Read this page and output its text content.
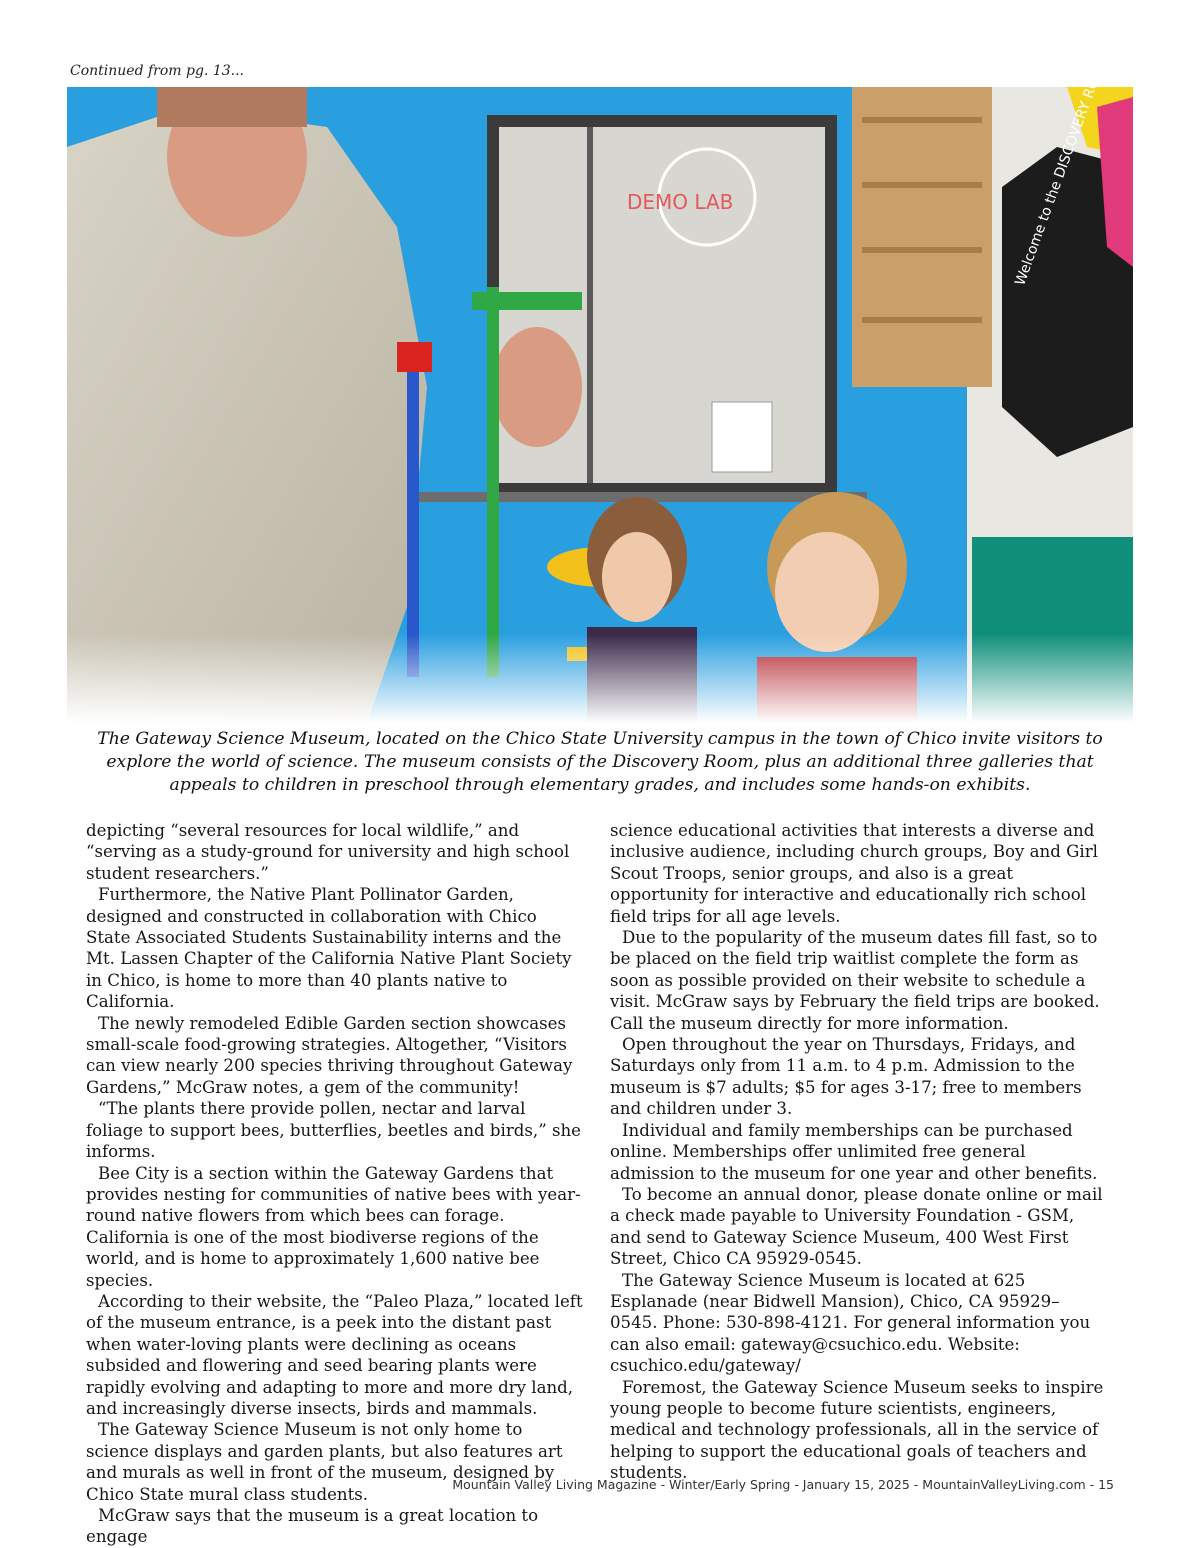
Continued from pg. 13...
The Gateway Science Museum, located on the Chico State University campus in the town of Chico invite visitors to explore the world of science. The museum consists of the Discovery Room, plus an additional three galleries that appeals to children in preschool through elementary grades, and includes some hands-on exhibits.

depicting “several resources for local wildlife,” and “serving as a study-ground for university and high school student researchers.”

Furthermore, the Native Plant Pollinator Garden, designed and constructed in collaboration with Chico State Associated Students Sustainability interns and the Mt. Lassen Chapter of the California Native Plant Society in Chico, is home to more than 40 plants native to California.

The newly remodeled Edible Garden section showcases small-scale food-growing strategies. Altogether, “Visitors can view nearly 200 species thriving throughout Gateway Gardens,” McGraw notes, a gem of the community!

“The plants there provide pollen, nectar and larval foliage to support bees, butterflies, beetles and birds,” she informs.

Bee City is a section within the Gateway Gardens that provides nesting for communities of native bees with year-round native flowers from which bees can forage. California is one of the most biodiverse regions of the world, and is home to approximately 1,600 native bee species.

According to their website, the “Paleo Plaza,” located left of the museum entrance, is a peek into the distant past when water-loving plants were declining as oceans subsided and flowering and seed bearing plants were rapidly evolving and adapting to more and more dry land, and increasingly diverse insects, birds and mammals.

The Gateway Science Museum is not only home to science displays and garden plants, but also features art and murals as well in front of the museum, designed by Chico State mural class students.

McGraw says that the museum is a great location to engage

science educational activities that interests a diverse and inclusive audience, including church groups, Boy and Girl Scout Troops, senior groups, and also is a great opportunity for interactive and educationally rich school field trips for all age levels.

Due to the popularity of the museum dates fill fast, so to be placed on the field trip waitlist complete the form as soon as possible provided on their website to schedule a visit. McGraw says by February the field trips are booked. Call the museum directly for more information.

Open throughout the year on Thursdays, Fridays, and Saturdays only from 11 a.m. to 4 p.m. Admission to the museum is $7 adults; $5 for ages 3-17; free to members and children under 3.

Individual and family memberships can be purchased online. Memberships offer unlimited free general admission to the museum for one year and other benefits.

To become an annual donor, please donate online or mail a check made payable to University Foundation - GSM, and send to Gateway Science Museum, 400 West First Street, Chico CA 95929-0545.

The Gateway Science Museum is located at 625 Esplanade (near Bidwell Mansion), Chico, CA 95929–0545. Phone: 530-898-4121. For general information you can also email: gateway@csuchico.edu. Website: csuchico.edu/gateway/

Foremost, the Gateway Science Museum seeks to inspire young people to become future scientists, engineers, medical and technology professionals, all in the service of helping to support the educational goals of teachers and students.

Mountain Valley Living Magazine - Winter/Early Spring - January 15, 2025 - MountainValleyLiving.com - 15
